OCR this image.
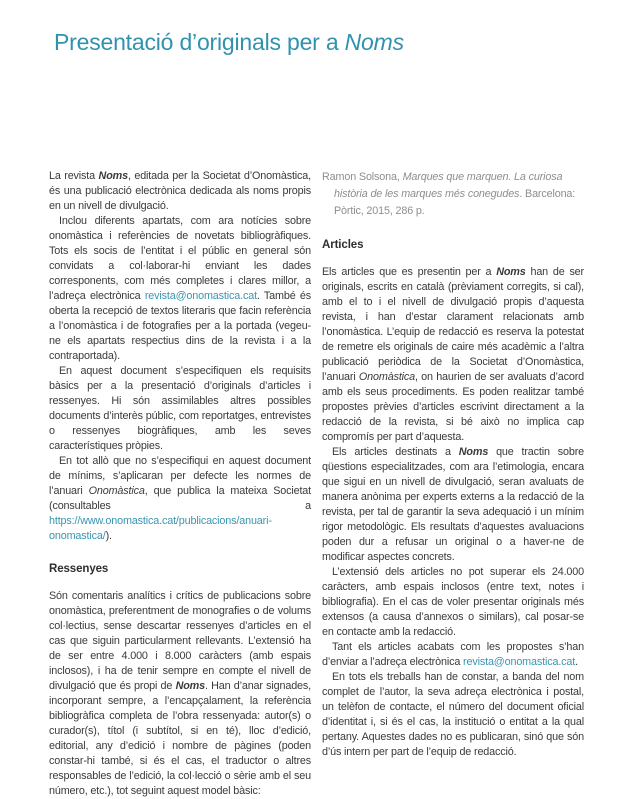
Presentació d’originals per a Noms

La revista Noms, editada per la Societat d’Onomàstica, és una publicació electrònica dedicada als noms propis en un nivell de divulgació.

Inclou diferents apartats, com ara notícies sobre onomàstica i referències de novetats bibliogràfiques. Tots els socis de l’entitat i el públic en general són convidats a col·laborar-hi enviant les dades corresponents, com més completes i clares millor, a l’adreça electrònica revista@onomastica.cat. També és oberta la recepció de textos literaris que facin referència a l’onomàstica i de fotografies per a la portada (vegeu-ne els apartats respectius dins de la revista i a la contraportada).

En aquest document s’especifiquen els requisits bàsics per a la presentació d’originals d’articles i ressenyes. Hi són assimilables altres possibles documents d’interès públic, com reportatges, entrevistes o ressenyes biogràfiques, amb les seves característiques pròpies.

En tot allò que no s’especifiqui en aquest document de mínims, s’aplicaran per defecte les normes de l’anuari Onomàstica, que publica la mateixa Societat (consultables a https://www.onomastica.cat/publicacions/anuari-onomastica/).

Ressenyes

Són comentaris analítics i crítics de publicacions sobre onomàstica, preferentment de monografies o de volums col·lectius, sense descartar ressenyes d’articles en el cas que siguin particularment rellevants. L’extensió ha de ser entre 4.000 i 8.000 caràcters (amb espais inclosos), i ha de tenir sempre en compte el nivell de divulgació que és propi de Noms. Han d’anar signades, incorporant sempre, a l’encapçalament, la referència bibliogràfica completa de l’obra ressenyada: autor(s) o curador(s), títol (i subtítol, si en té), lloc d’edició, editorial, any d’edició i nombre de pàgines (poden constar-hi també, si és el cas, el traductor o altres responsables de l’edició, la col·lecció o sèrie amb el seu número, etc.), tot seguint aquest model bàsic:

Ramon Solsona, Marques que marquen. La curiosa història de les marques més conegudes. Barcelona: Pòrtic, 2015, 286 p.

Articles

Els articles que es presentin per a Noms han de ser originals, escrits en català (prèviament corregits, si cal), amb el to i el nivell de divulgació propis d’aquesta revista, i han d’estar clarament relacionats amb l’onomàstica. L’equip de redacció es reserva la potestat de remetre els originals de caire més acadèmic a l’altra publicació periòdica de la Societat d’Onomàstica, l’anuari Onomàstica, on haurien de ser avaluats d’acord amb els seus procediments. Es poden realitzar també propostes prèvies d’articles escrivint directament a la redacció de la revista, si bé això no implica cap compromís per part d’aquesta.

Els articles destinats a Noms que tractin sobre qüestions especialitzades, com ara l’etimologia, encara que sigui en un nivell de divulgació, seran avaluats de manera anònima per experts externs a la redacció de la revista, per tal de garantir la seva adequació i un mínim rigor metodològic. Els resultats d’aquestes avaluacions poden dur a refusar un original o a haver-ne de modificar aspectes concrets.

L’extensió dels articles no pot superar els 24.000 caràcters, amb espais inclosos (entre text, notes i bibliografia). En el cas de voler presentar originals més extensos (a causa d’annexos o similars), cal posar-se en contacte amb la redacció.

Tant els articles acabats com les propostes s’han d’enviar a l’adreça electrònica revista@onomastica.cat.

En tots els treballs han de constar, a banda del nom complet de l’autor, la seva adreça electrònica i postal, un telèfon de contacte, el número del document oficial d’identitat i, si és el cas, la institució o entitat a la qual pertany. Aquestes dades no es publicaran, sinó que són d’ús intern per part de l’equip de redacció.
